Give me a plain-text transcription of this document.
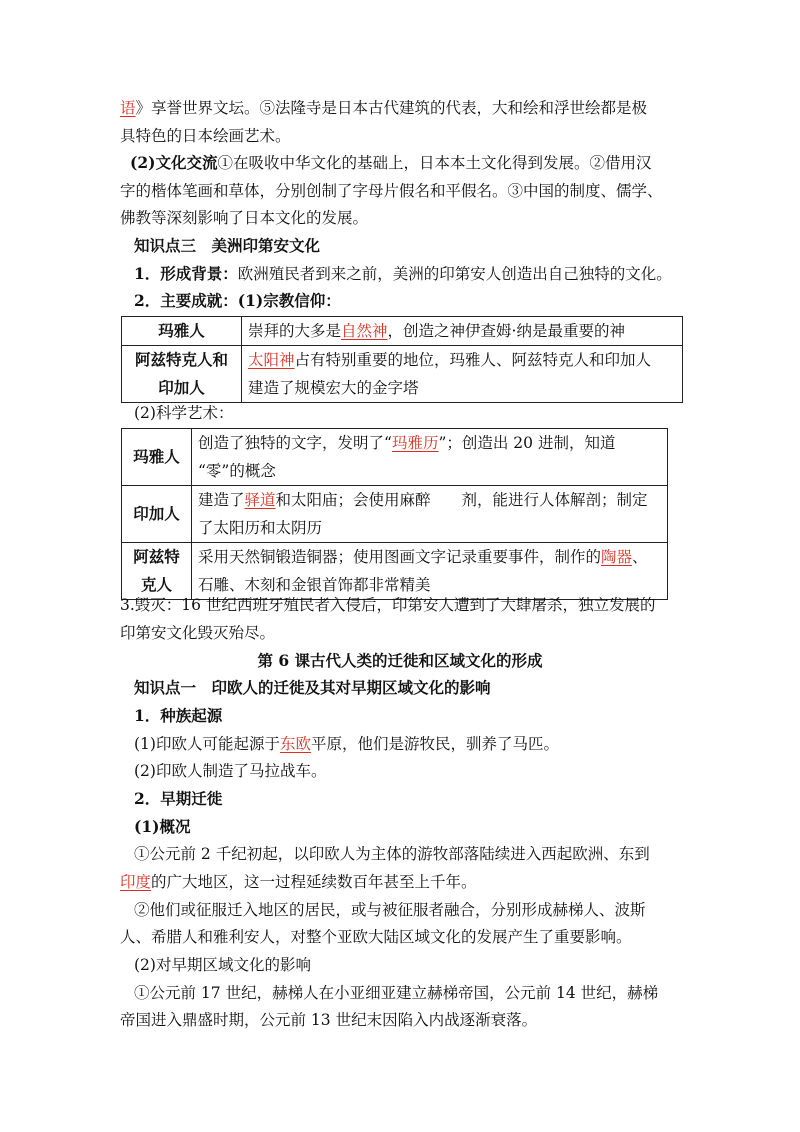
语》享誉世界文坛。⑤法隆寺是日本古代建筑的代表，大和绘和浮世绘都是极

具特色的日本绘画艺术。

(2)文化交流①在吸收中华文化的基础上，日本本土文化得到发展。②借用汉

字的楷体笔画和草体，分别创制了字母片假名和平假名。③中国的制度、儒学、

佛教等深刻影响了日本文化的发展。

知识点三　美洲印第安文化

1．形成背景：欧洲殖民者到来之前，美洲的印第安人创造出自己独特的文化。

2．主要成就：(1)宗教信仰：

玛雅人	崇拜的大多是自然神，创造之神伊查姆·纳是最重要的神
阿兹特克人和
印加人	太阳神占有特别重要的地位，玛雅人、阿兹特克人和印加人
建造了规模宏大的金字塔

(2)科学艺术：

玛雅人	创造了独特的文字，发明了“玛雅历”；创造出 20 进制，知道
“零”的概念
印加人	建造了驿道和太阳庙；会使用麻醉　　剂，能进行人体解剖；制定
了太阳历和太阴历
阿兹特
克人	采用天然铜锻造铜器；使用图画文字记录重要事件，制作的陶器、
石雕、木刻和金银首饰都非常精美

3.毁灭：16 世纪西班牙殖民者入侵后，印第安人遭到了大肆屠杀，独立发展的

印第安文化毁灭殆尽。

第 6 课古代人类的迁徙和区域文化的形成

知识点一　印欧人的迁徙及其对早期区域文化的影响

1．种族起源

(1)印欧人可能起源于东欧平原，他们是游牧民，驯养了马匹。

(2)印欧人制造了马拉战车。

2．早期迁徙

(1)概况

①公元前 2 千纪初起，以印欧人为主体的游牧部落陆续进入西起欧洲、东到

印度的广大地区，这一过程延续数百年甚至上千年。

②他们或征服迁入地区的居民，或与被征服者融合，分别形成赫梯人、波斯

人、希腊人和雅利安人，对整个亚欧大陆区域文化的发展产生了重要影响。

(2)对早期区域文化的影响

①公元前 17 世纪，赫梯人在小亚细亚建立赫梯帝国，公元前 14 世纪，赫梯

帝国进入鼎盛时期，公元前 13 世纪末因陷入内战逐渐衰落。
